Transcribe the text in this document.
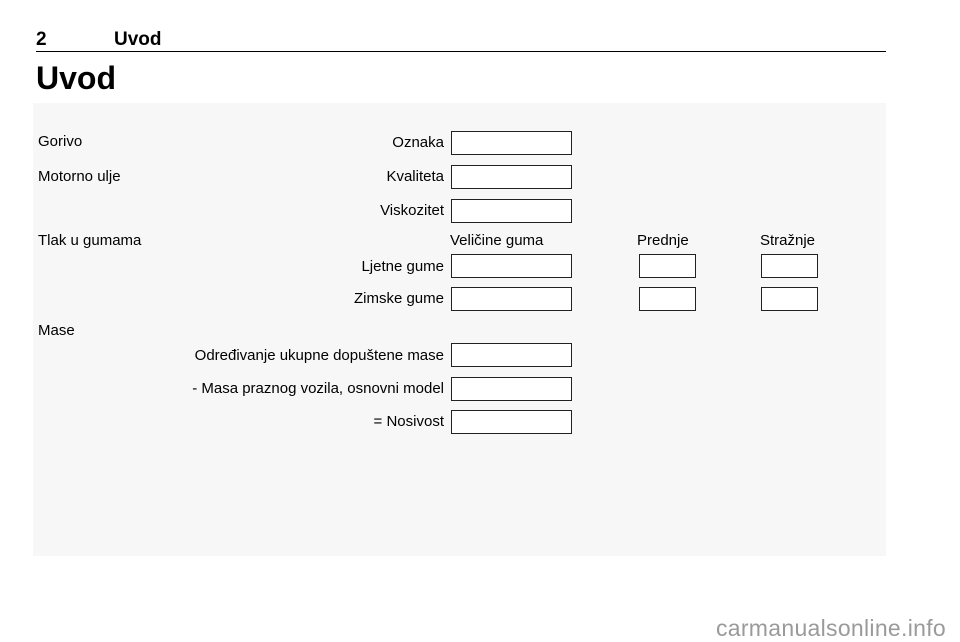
2	Uvod
Uvod
Gorivo	Oznaka
Motorno ulje	Kvaliteta
Viskozitet
Tlak u gumama	Veličine guma	Prednje	Stražnje
Ljetne gume
Zimske gume
Mase
Određivanje ukupne dopuštene mase
- Masa praznog vozila, osnovni model
= Nosivost
carmanualsonline.info
